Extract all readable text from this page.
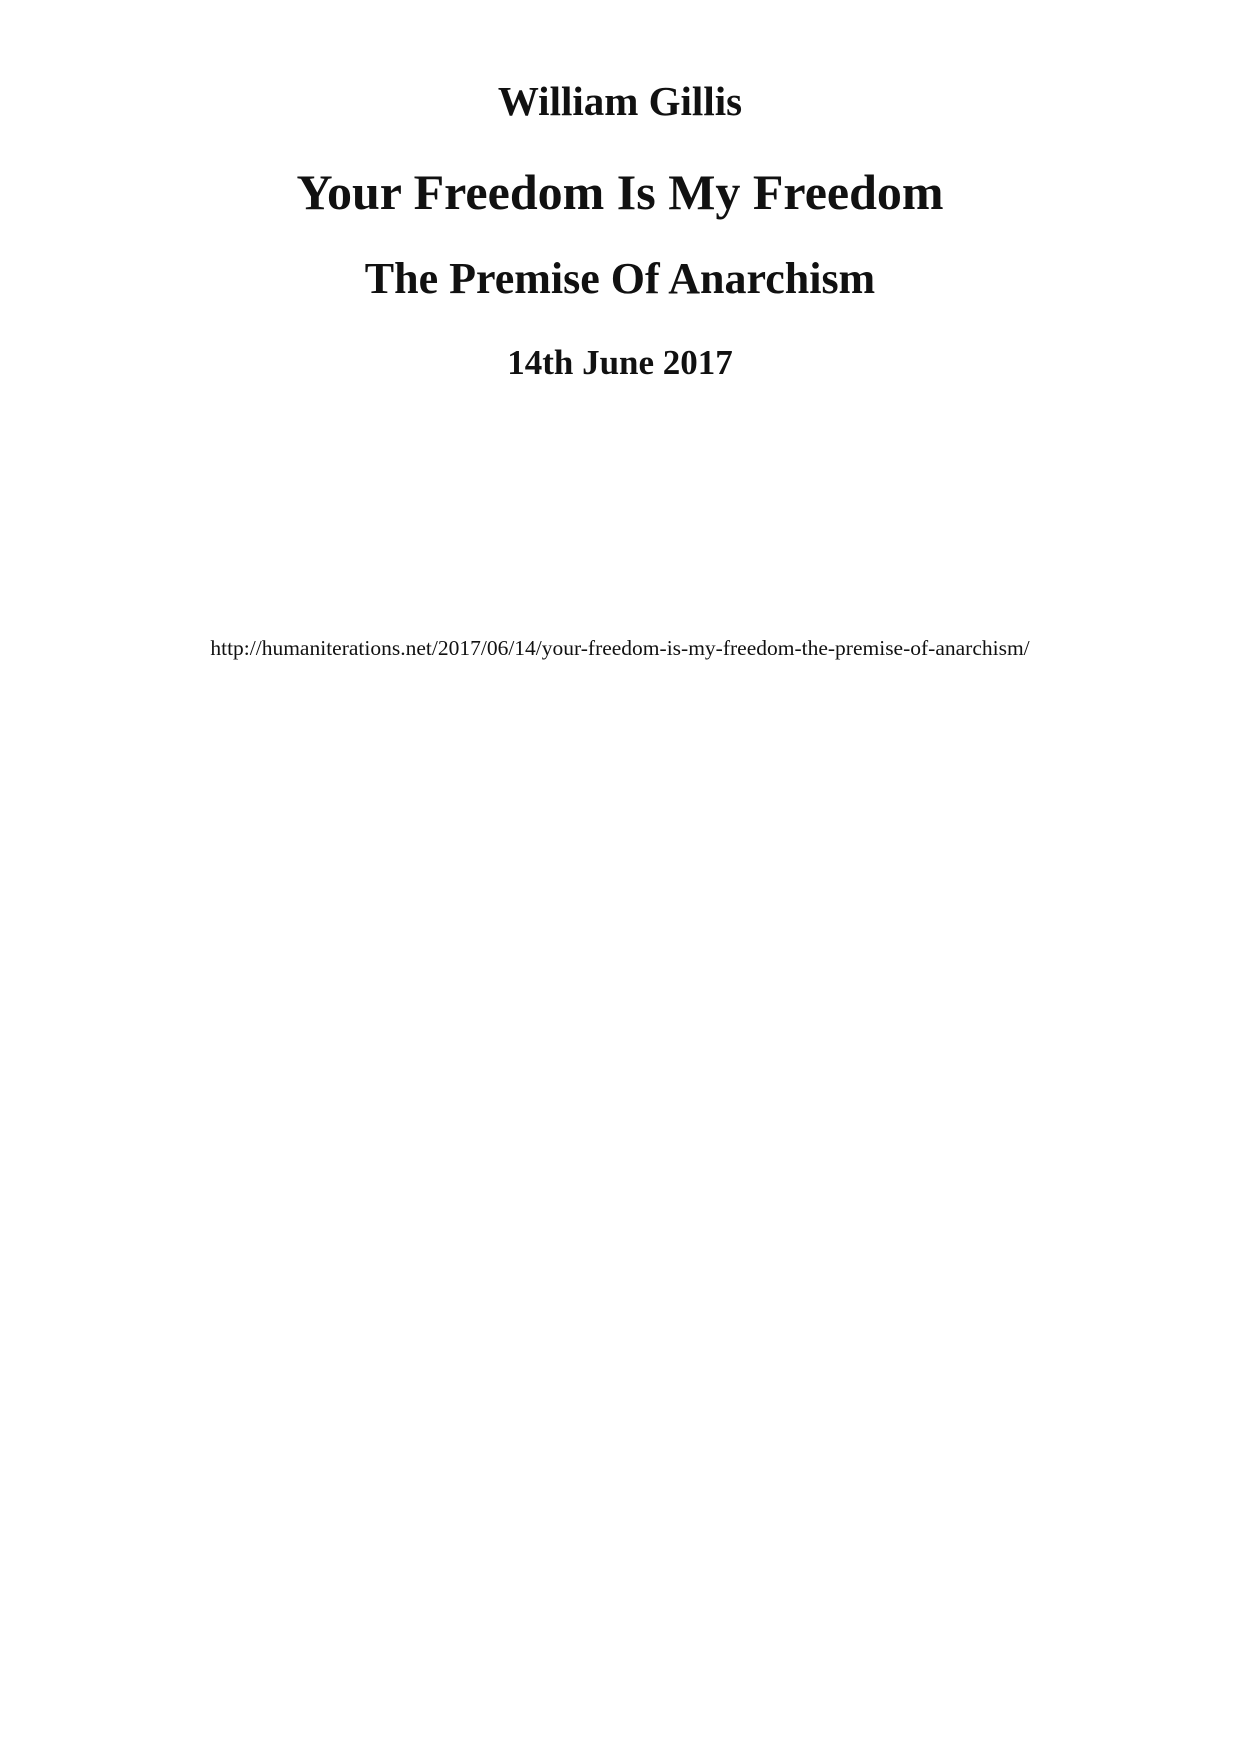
William Gillis
Your Freedom Is My Freedom
The Premise Of Anarchism
14th June 2017
http://humaniterations.net/2017/06/14/your-freedom-is-my-freedom-the-premise-of-anarchism/
